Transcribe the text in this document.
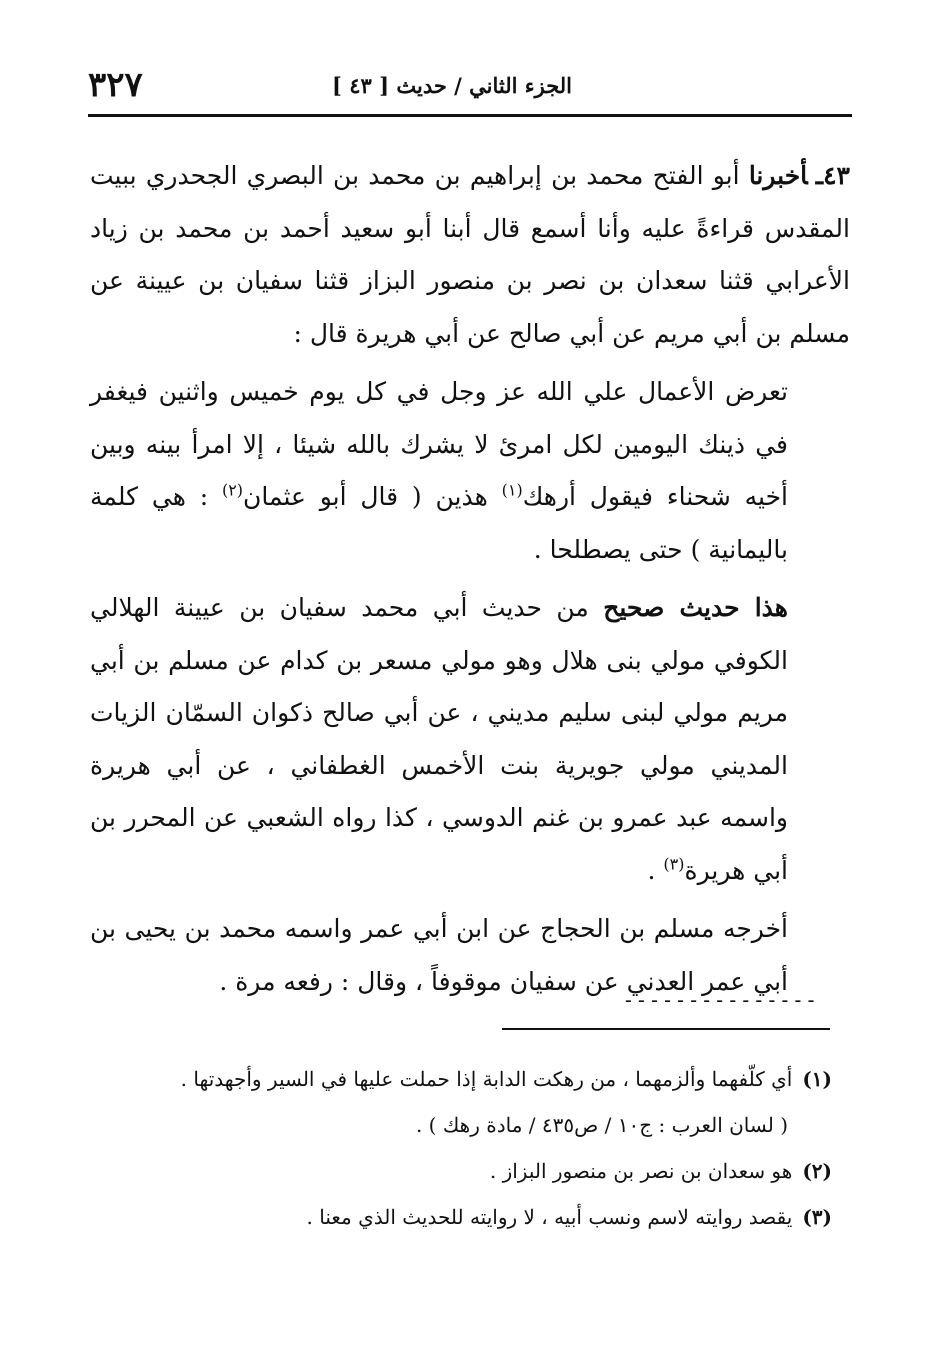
٣٢٧	الجزء الثاني / حديث [ ٤٣ ]

٤٣ـأخبرنا أبو الفتح محمد بن إبراهيم بن محمد بن البصري الجحدري ببيت المقدس قراءةً عليه وأنا أسمع قال أبنا أبو سعيد أحمد بن محمد بن زياد الأعرابي قثنا سعدان بن نصر بن منصور البزاز قثنا سفيان بن عيينة عن مسلم بن أبي مريم عن أبي صالح عن أبي هريرة قال :

تعرض الأعمال علي الله عز وجل في كل يوم خميس واثنين فيغفر في ذينك اليومين لكل امرئ لا يشرك بالله شيئا ، إلا امرأ بينه وبين أخيه شحناء فيقول أرهك$^{(١)}$ هذين ( قال أبو عثمان$^{(٢)}$ : هي كلمة باليمانية ) حتى يصطلحا .

هذا حديث صحيح من حديث أبي محمد سفيان بن عيينة الهلالي الكوفي مولي بنى هلال وهو مولي مسعر بن كدام عن مسلم بن أبي مريم مولي لبنى سليم مديني ، عن أبي صالح ذكوان السمّان الزيات المديني مولي جويرية بنت الأخمس الغطفاني ، عن أبي هريرة واسمه عبد عمرو بن غنم الدوسي ، كذا رواه الشعبي عن المحرر بن أبي هريرة$^{(٣)}$ .

أخرجه مسلم بن الحجاج عن ابن أبي عمر واسمه محمد بن يحيى بن أبي عمر العدني عن سفيان موقوفاً ، وقال : رفعه مرة .

---------------

(١)أي كلّفهما وألزمهما ، من رهكت الدابة إذا حملت عليها في السير وأجهدتها .

( لسان العرب : ج١٠ / ص٤٣٥ / مادة رهك ) .

(٢)هو سعدان بن نصر بن منصور البزاز .

(٣)يقصد روايته لاسم ونسب أبيه ، لا روايته للحديث الذي معنا .
